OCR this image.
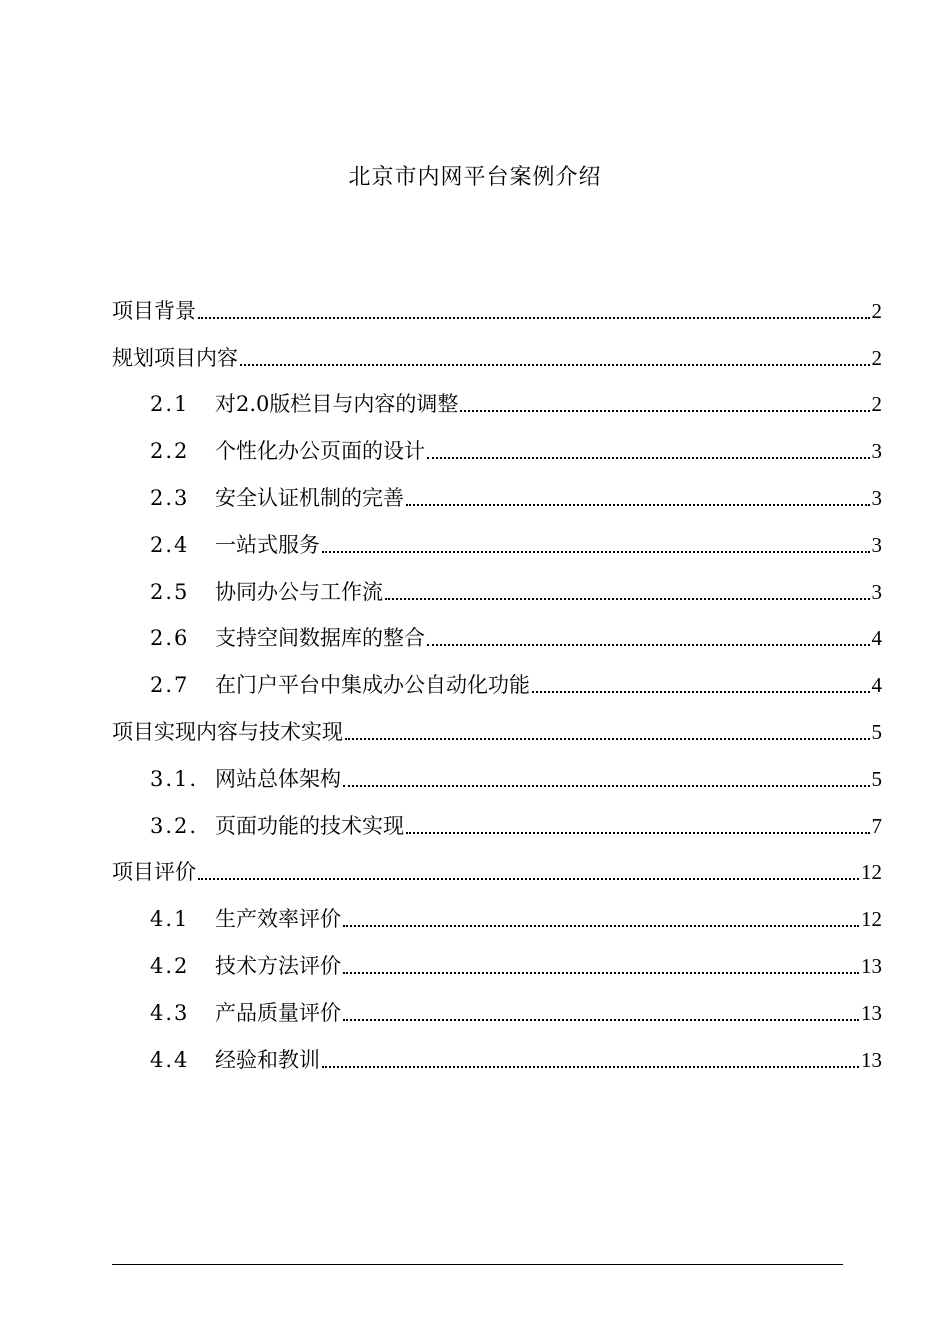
北京市内网平台案例介绍
项目背景	2
规划项目内容	2
2.1	对2.0版栏目与内容的调整	2
2.2	个性化办公页面的设计	3
2.3	安全认证机制的完善	3
2.4	一站式服务	3
2.5	协同办公与工作流	3
2.6	支持空间数据库的整合	4
2.7	在门户平台中集成办公自动化功能	4
项目实现内容与技术实现	5
3.1. 网站总体架构	5
3.2. 页面功能的技术实现	7
项目评价	12
4.1	生产效率评价	12
4.2	技术方法评价	13
4.3	产品质量评价	13
4.4	经验和教训	13
